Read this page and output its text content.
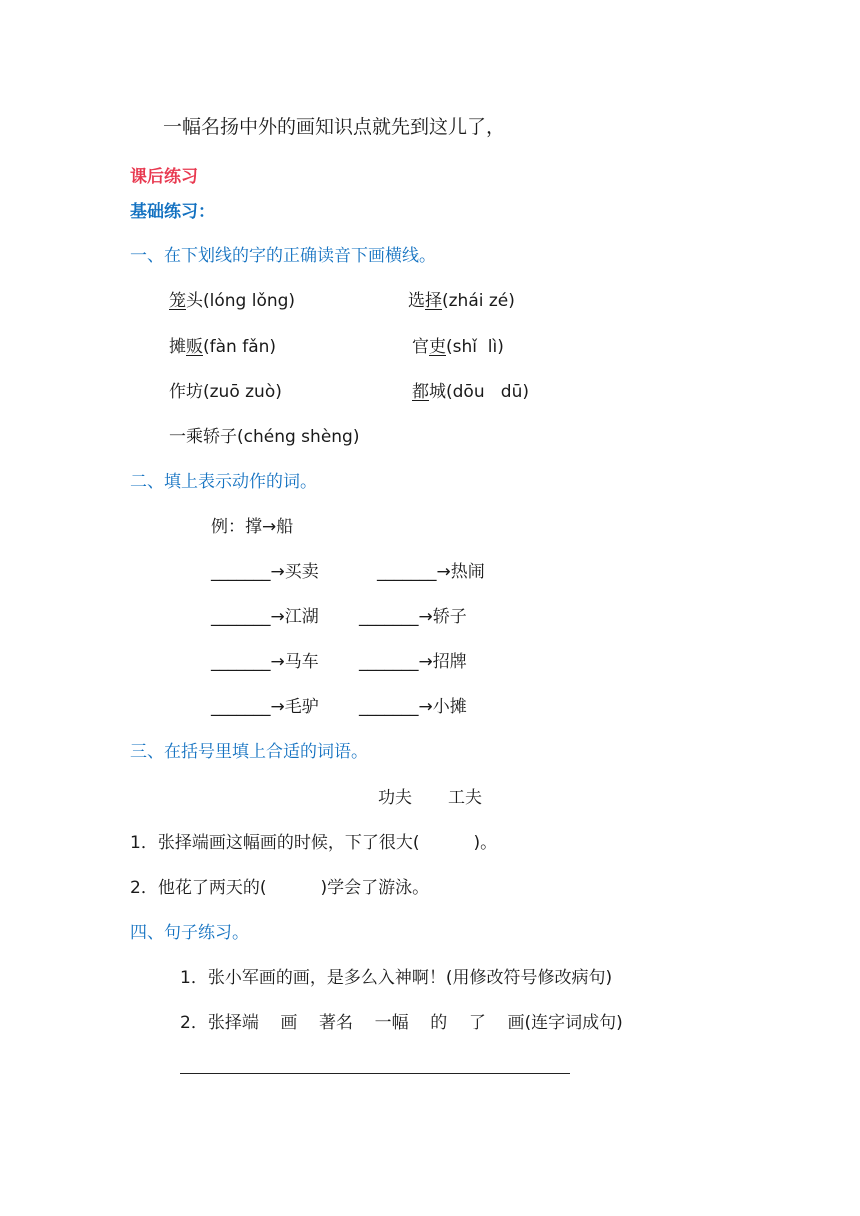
一幅名扬中外的画知识点就先到这儿了，
课后练习
基础练习：
一、在下划线的字的正确读音下画横线。
笼头(lóng lǒng)	选择(zhái zé)
摊贩(fàn fǎn)	官吏(shǐ  lì)
作坊(zuō zuò)	都城(dōu   dū)
一乘轿子(chéng shèng)
二、填上表示动作的词。
例：撑→船
_______→买卖	_______→热闹
_______→江湖 _______→轿子
_______→马车 _______→招牌
_______→毛驴 _______→小摊
三、在括号里填上合适的词语。
功夫 工夫
1．张择端画这幅画的时候，下了很大(          )。
2．他花了两天的(          )学会了游泳。
四、句子练习。
1．张小军画的画，是多么入神啊！(用修改符号修改病句)
2．张择端    画    著名    一幅    的    了    画(连字词成句)
